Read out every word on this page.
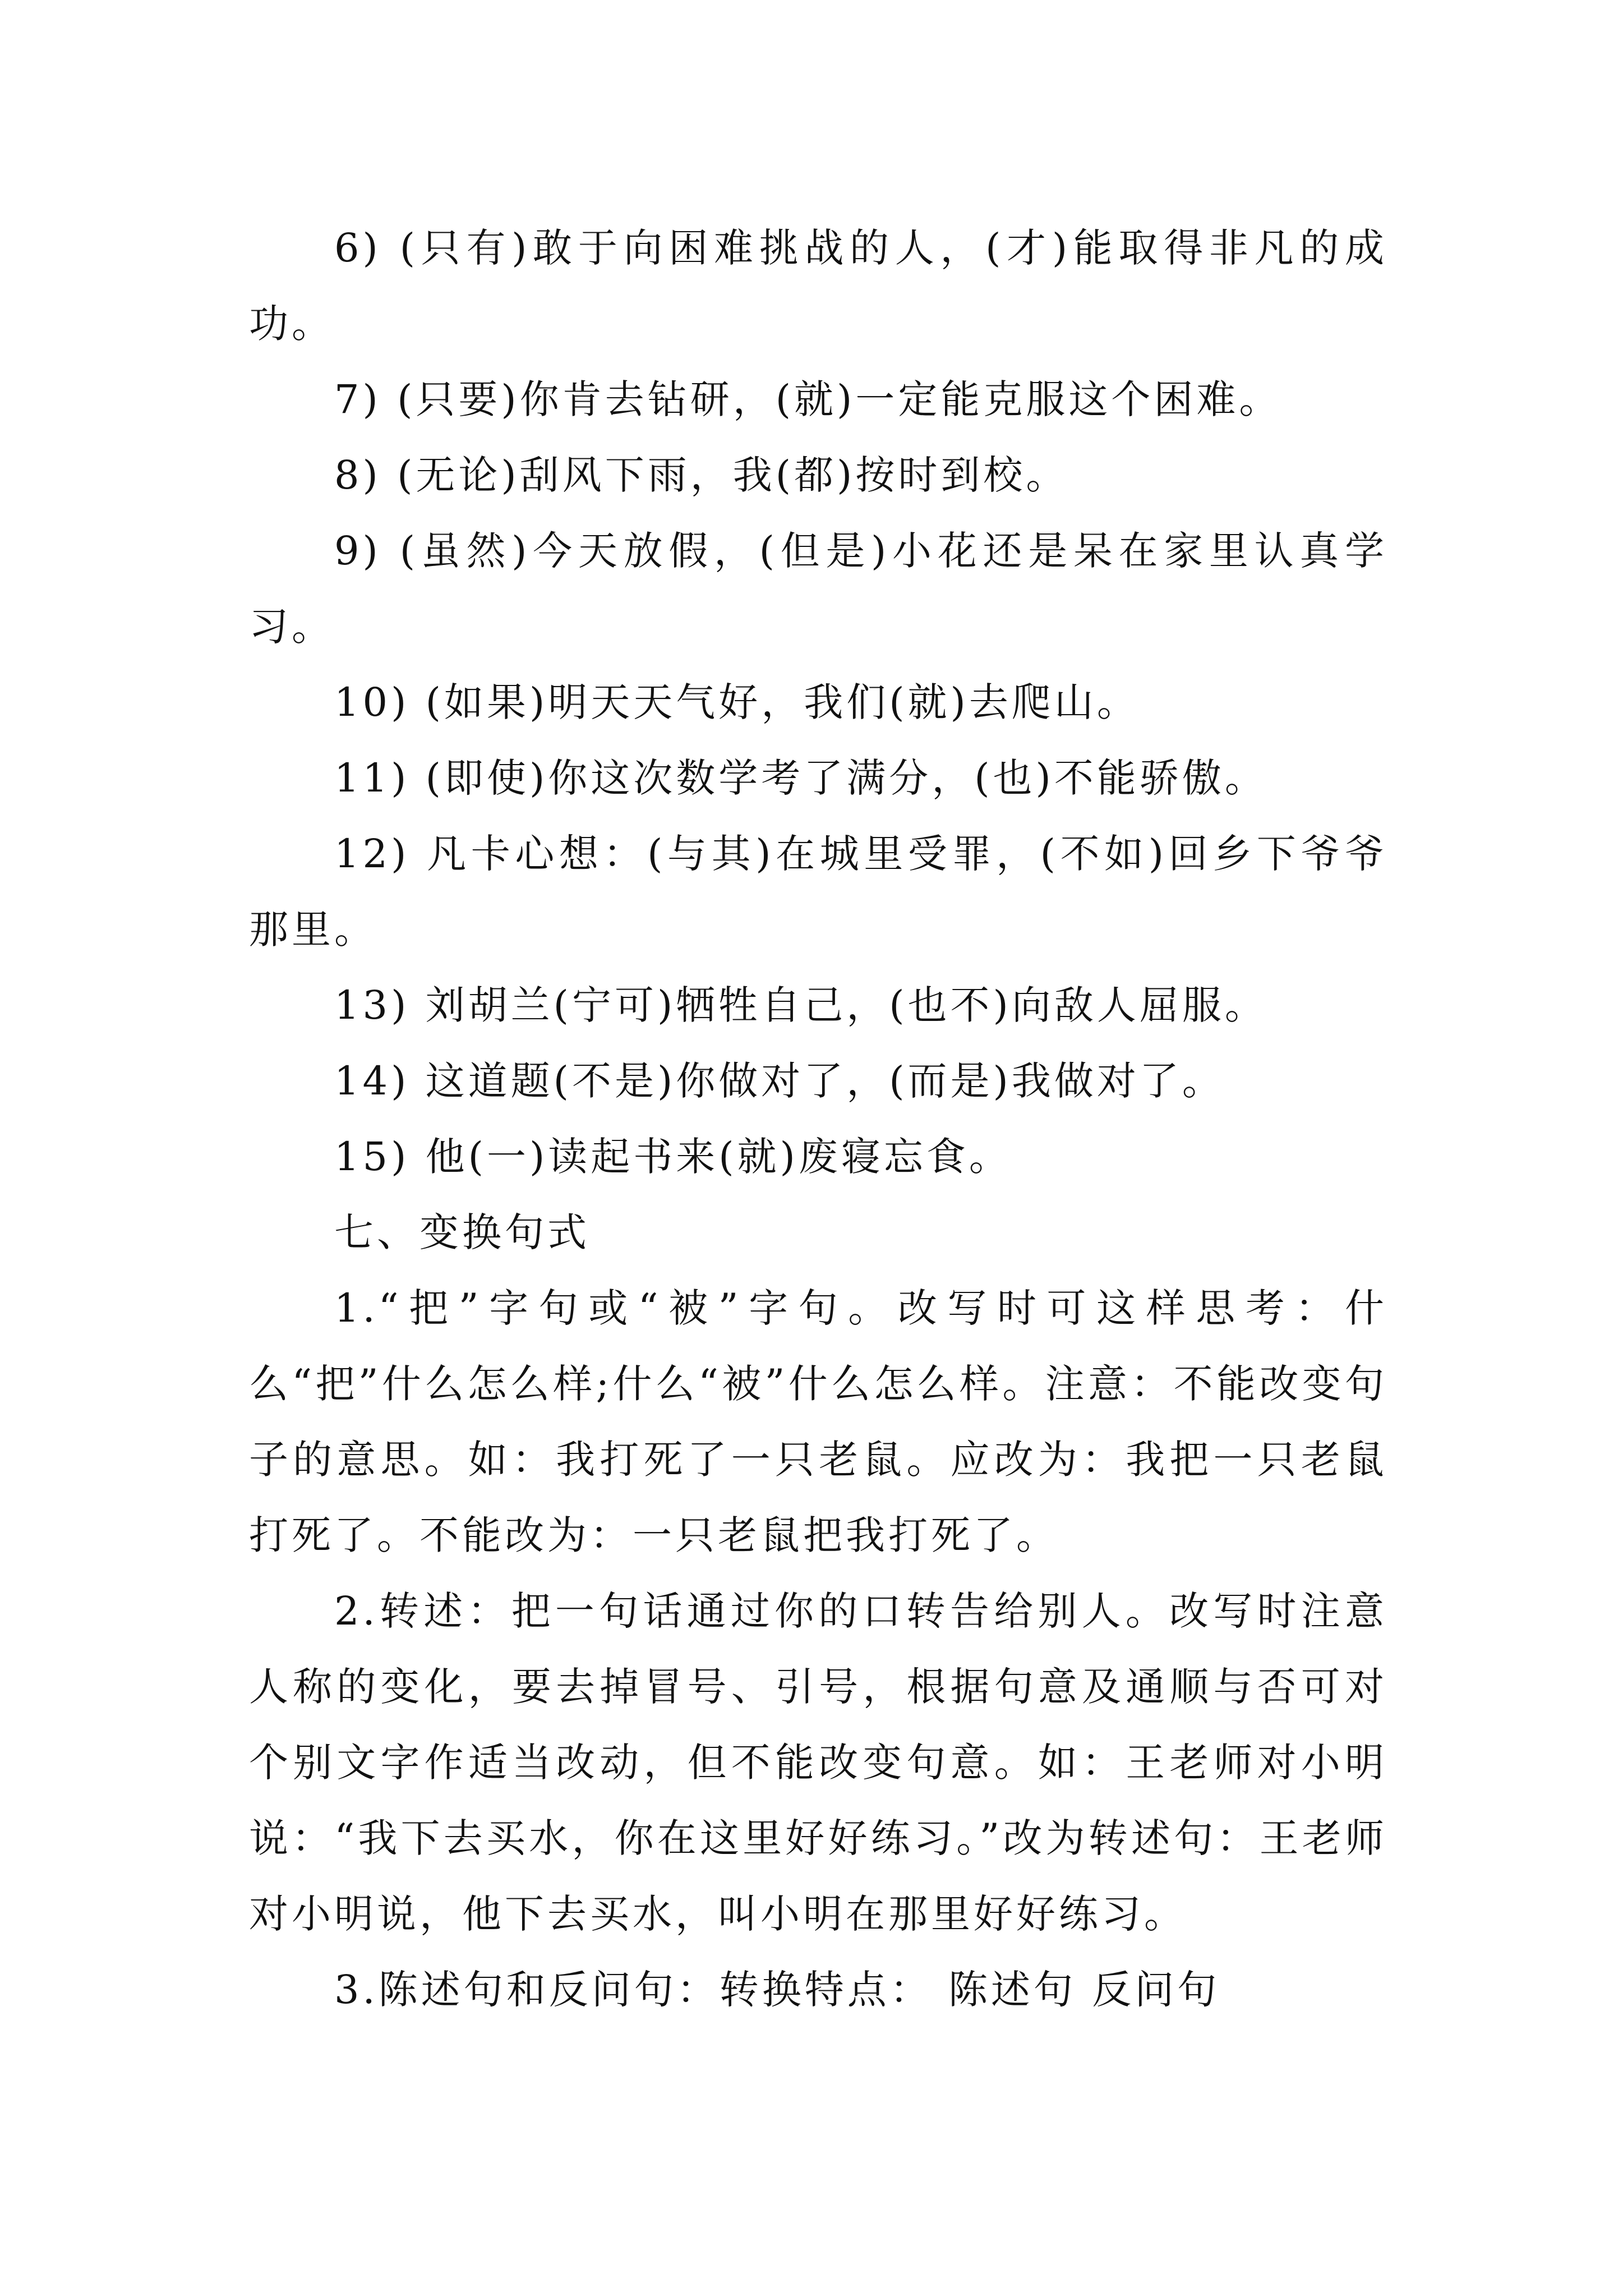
6) (只有)敢于向困难挑战的人，(才)能取得非凡的成功。

7) (只要)你肯去钻研，(就)一定能克服这个困难。

8) (无论)刮风下雨，我(都)按时到校。

9) (虽然)今天放假，(但是)小花还是呆在家里认真学习。

10) (如果)明天天气好，我们(就)去爬山。

11) (即使)你这次数学考了满分，(也)不能骄傲。

12) 凡卡心想：(与其)在城里受罪，(不如)回乡下爷爷那里。

13) 刘胡兰(宁可)牺牲自己，(也不)向敌人屈服。

14) 这道题(不是)你做对了，(而是)我做对了。

15) 他(一)读起书来(就)废寝忘食。

七、变换句式

1.“把”字句或“被”字句。改写时可这样思考：什么“把”什么怎么样;什么“被”什么怎么样。注意：不能改变句子的意思。如：我打死了一只老鼠。应改为：我把一只老鼠打死了。不能改为：一只老鼠把我打死了。

2.转述：把一句话通过你的口转告给别人。改写时注意人称的变化，要去掉冒号、引号，根据句意及通顺与否可对个别文字作适当改动，但不能改变句意。如：王老师对小明说：“我下去买水，你在这里好好练习。”改为转述句：王老师对小明说，他下去买水，叫小明在那里好好练习。

3.陈述句和反问句：转换特点： 陈述句 反问句
